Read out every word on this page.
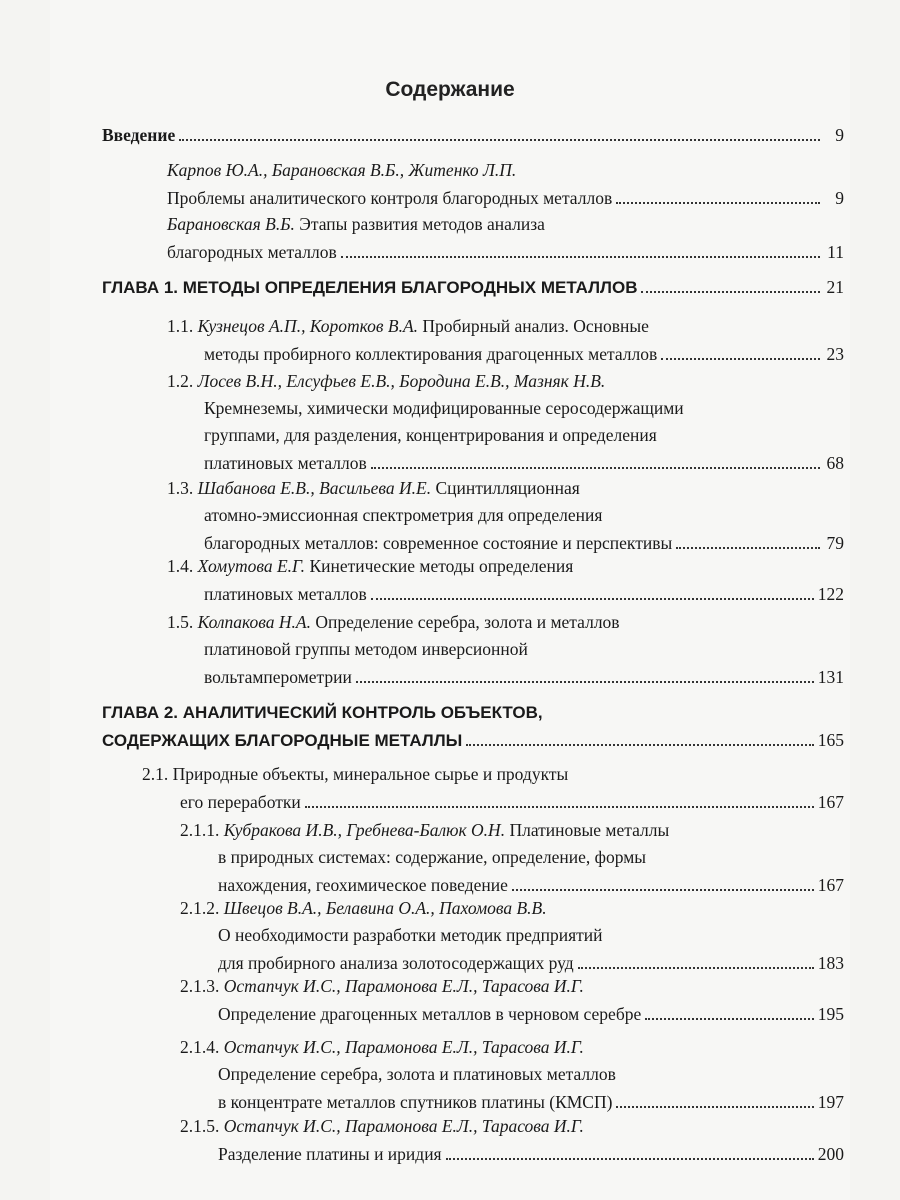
Содержание
Введение	9
Карпов Ю.А., Барановская В.Б., Житенко Л.П.
Проблемы аналитического контроля благородных металлов	9
Барановская В.Б. Этапы развития методов анализа
благородных металлов	11
ГЛАВА 1. МЕТОДЫ ОПРЕДЕЛЕНИЯ БЛАГОРОДНЫХ МЕТАЛЛОВ	21
1.1. Кузнецов А.П., Коротков В.А. Пробирный анализ. Основные
методы пробирного коллектирования драгоценных металлов	23
1.2. Лосев В.Н., Елсуфьев Е.В., Бородина Е.В., Мазняк Н.В.
Кремнеземы, химически модифицированные серосодержащими
группами, для разделения, концентрирования и определения
платиновых металлов	68
1.3. Шабанова Е.В., Васильева И.Е. Сцинтилляционная
атомно-эмиссионная спектрометрия для определения
благородных металлов: современное состояние и перспективы	79
1.4. Хомутова Е.Г. Кинетические методы определения
платиновых металлов	122
1.5. Колпакова Н.А. Определение серебра, золота и металлов
платиновой группы методом инверсионной
вольтамперометрии	131
ГЛАВА 2. АНАЛИТИЧЕСКИЙ КОНТРОЛЬ ОБЪЕКТОВ,
СОДЕРЖАЩИХ БЛАГОРОДНЫЕ МЕТАЛЛЫ	165
2.1. Природные объекты, минеральное сырье и продукты
его переработки	167
2.1.1. Кубракова И.В., Гребнева-Балюк О.Н. Платиновые металлы
в природных системах: содержание, определение, формы
нахождения, геохимическое поведение	167
2.1.2. Швецов В.А., Белавина О.А., Пахомова В.В.
О необходимости разработки методик предприятий
для пробирного анализа золотосодержащих руд	183
2.1.3. Остапчук И.С., Парамонова Е.Л., Тарасова И.Г.
Определение драгоценных металлов в черновом серебре	195
2.1.4. Остапчук И.С., Парамонова Е.Л., Тарасова И.Г.
Определение серебра, золота и платиновых металлов
в концентрате металлов спутников платины (КМСП)	197
2.1.5. Остапчук И.С., Парамонова Е.Л., Тарасова И.Г.
Разделение платины и иридия	200
